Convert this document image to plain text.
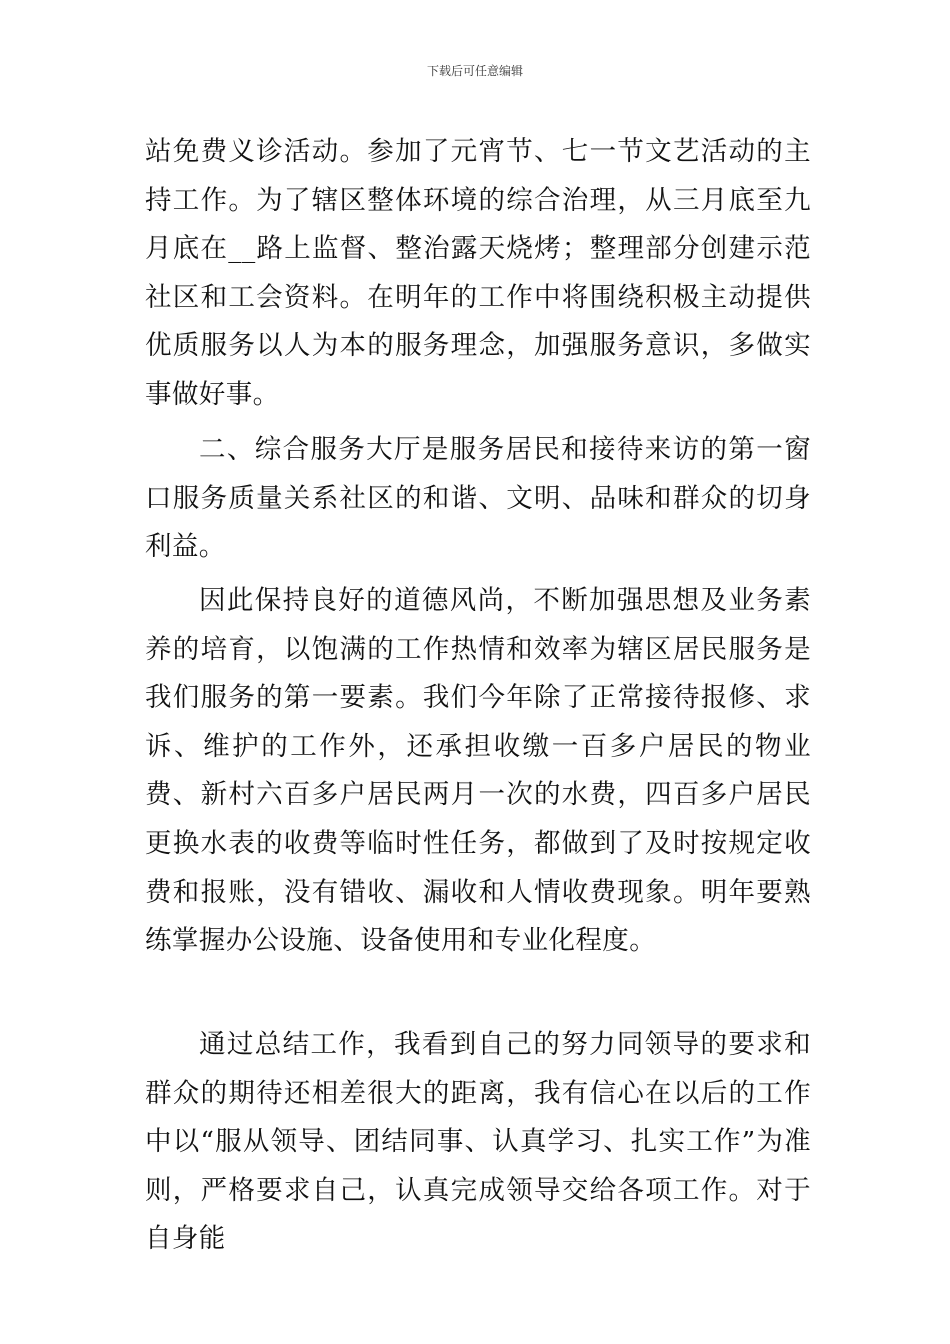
下载后可任意编辑

站免费义诊活动。参加了元宵节、七一节文艺活动的主持工作。为了辖区整体环境的综合治理，从三月底至九月底在__路上监督、整治露天烧烤；整理部分创建示范社区和工会资料。在明年的工作中将围绕积极主动提供优质服务以人为本的服务理念，加强服务意识，多做实事做好事。

二、综合服务大厅是服务居民和接待来访的第一窗口服务质量关系社区的和谐、文明、品味和群众的切身利益。

因此保持良好的道德风尚，不断加强思想及业务素养的培育，以饱满的工作热情和效率为辖区居民服务是我们服务的第一要素。我们今年除了正常接待报修、求诉、维护的工作外，还承担收缴一百多户居民的物业费、新村六百多户居民两月一次的水费，四百多户居民更换水表的收费等临时性任务，都做到了及时按规定收费和报账，没有错收、漏收和人情收费现象。明年要熟练掌握办公设施、设备使用和专业化程度。

通过总结工作，我看到自己的努力同领导的要求和群众的期待还相差很大的距离，我有信心在以后的工作中以“服从领导、团结同事、认真学习、扎实工作”为准则，严格要求自己，认真完成领导交给各项工作。对于自身能
